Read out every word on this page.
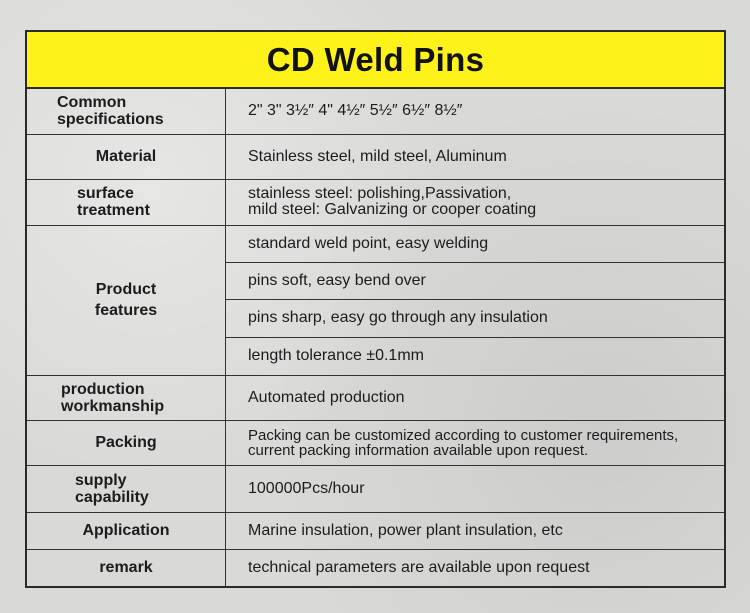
CD Weld Pins
Common
specifications	2" 3" 3½″ 4" 4½″ 5½″ 6½″ 8½″
Material	Stainless steel, mild steel, Aluminum

surface
treatment	stainless steel: polishing,Passivation,
mild steel: Galvanizing or cooper coating

Product
features	standard weld point, easy welding
	pins soft, easy bend over
	pins sharp, easy go through any insulation
	length tolerance ±0.1mm

production
workmanship	Automated production
Packing	Packing can be customized according to customer requirements,
current packing information available upon request.

supply
capability	100000Pcs/hour
Application	Marine insulation, power plant insulation, etc
remark	technical parameters are available upon request
